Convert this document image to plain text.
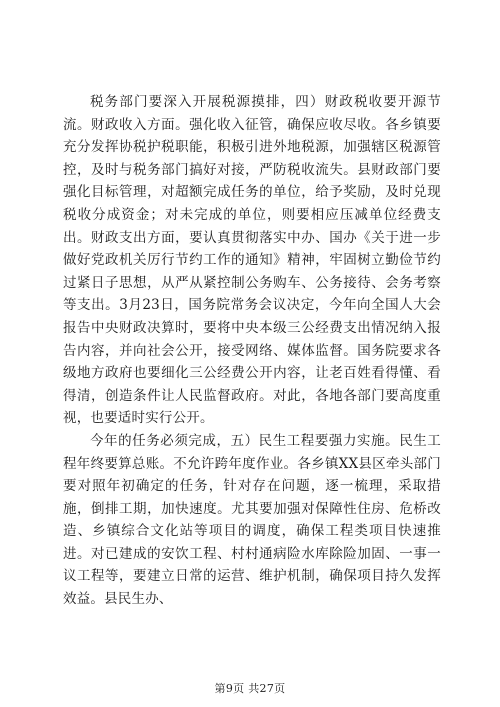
税务部门要深入开展税源摸排，四）财政税收要开源节流。财政收入方面。强化收入征管，确保应收尽收。各乡镇要充分发挥协税护税职能，积极引进外地税源，加强辖区税源管控，及时与税务部门搞好对接，严防税收流失。县财政部门要强化目标管理，对超额完成任务的单位，给予奖励，及时兑现税收分成资金；对未完成的单位，则要相应压减单位经费支出。财政支出方面，要认真贯彻落实中办、国办《关于进一步做好党政机关厉行节约工作的通知》精神，牢固树立勤俭节约过紧日子思想，从严从紧控制公务购车、公务接待、会务考察等支出。3月23日，国务院常务会议决定，今年向全国人大会报告中央财政决算时，要将中央本级三公经费支出情况纳入报告内容，并向社会公开，接受网络、媒体监督。国务院要求各级地方政府也要细化三公经费公开内容，让老百姓看得懂、看得清，创造条件让人民监督政府。对此，各地各部门要高度重视，也要适时实行公开。

今年的任务必须完成，五）民生工程要强力实施。民生工程年终要算总账。不允许跨年度作业。各乡镇XX县区牵头部门要对照年初确定的任务，针对存在问题，逐一梳理，采取措施，倒排工期，加快速度。尤其要加强对保障性住房、危桥改造、乡镇综合文化站等项目的调度，确保工程类项目快速推进。对已建成的安饮工程、村村通病险水库除险加固、一事一议工程等，要建立日常的运营、维护机制，确保项目持久发挥效益。县民生办、

第9页 共27页
